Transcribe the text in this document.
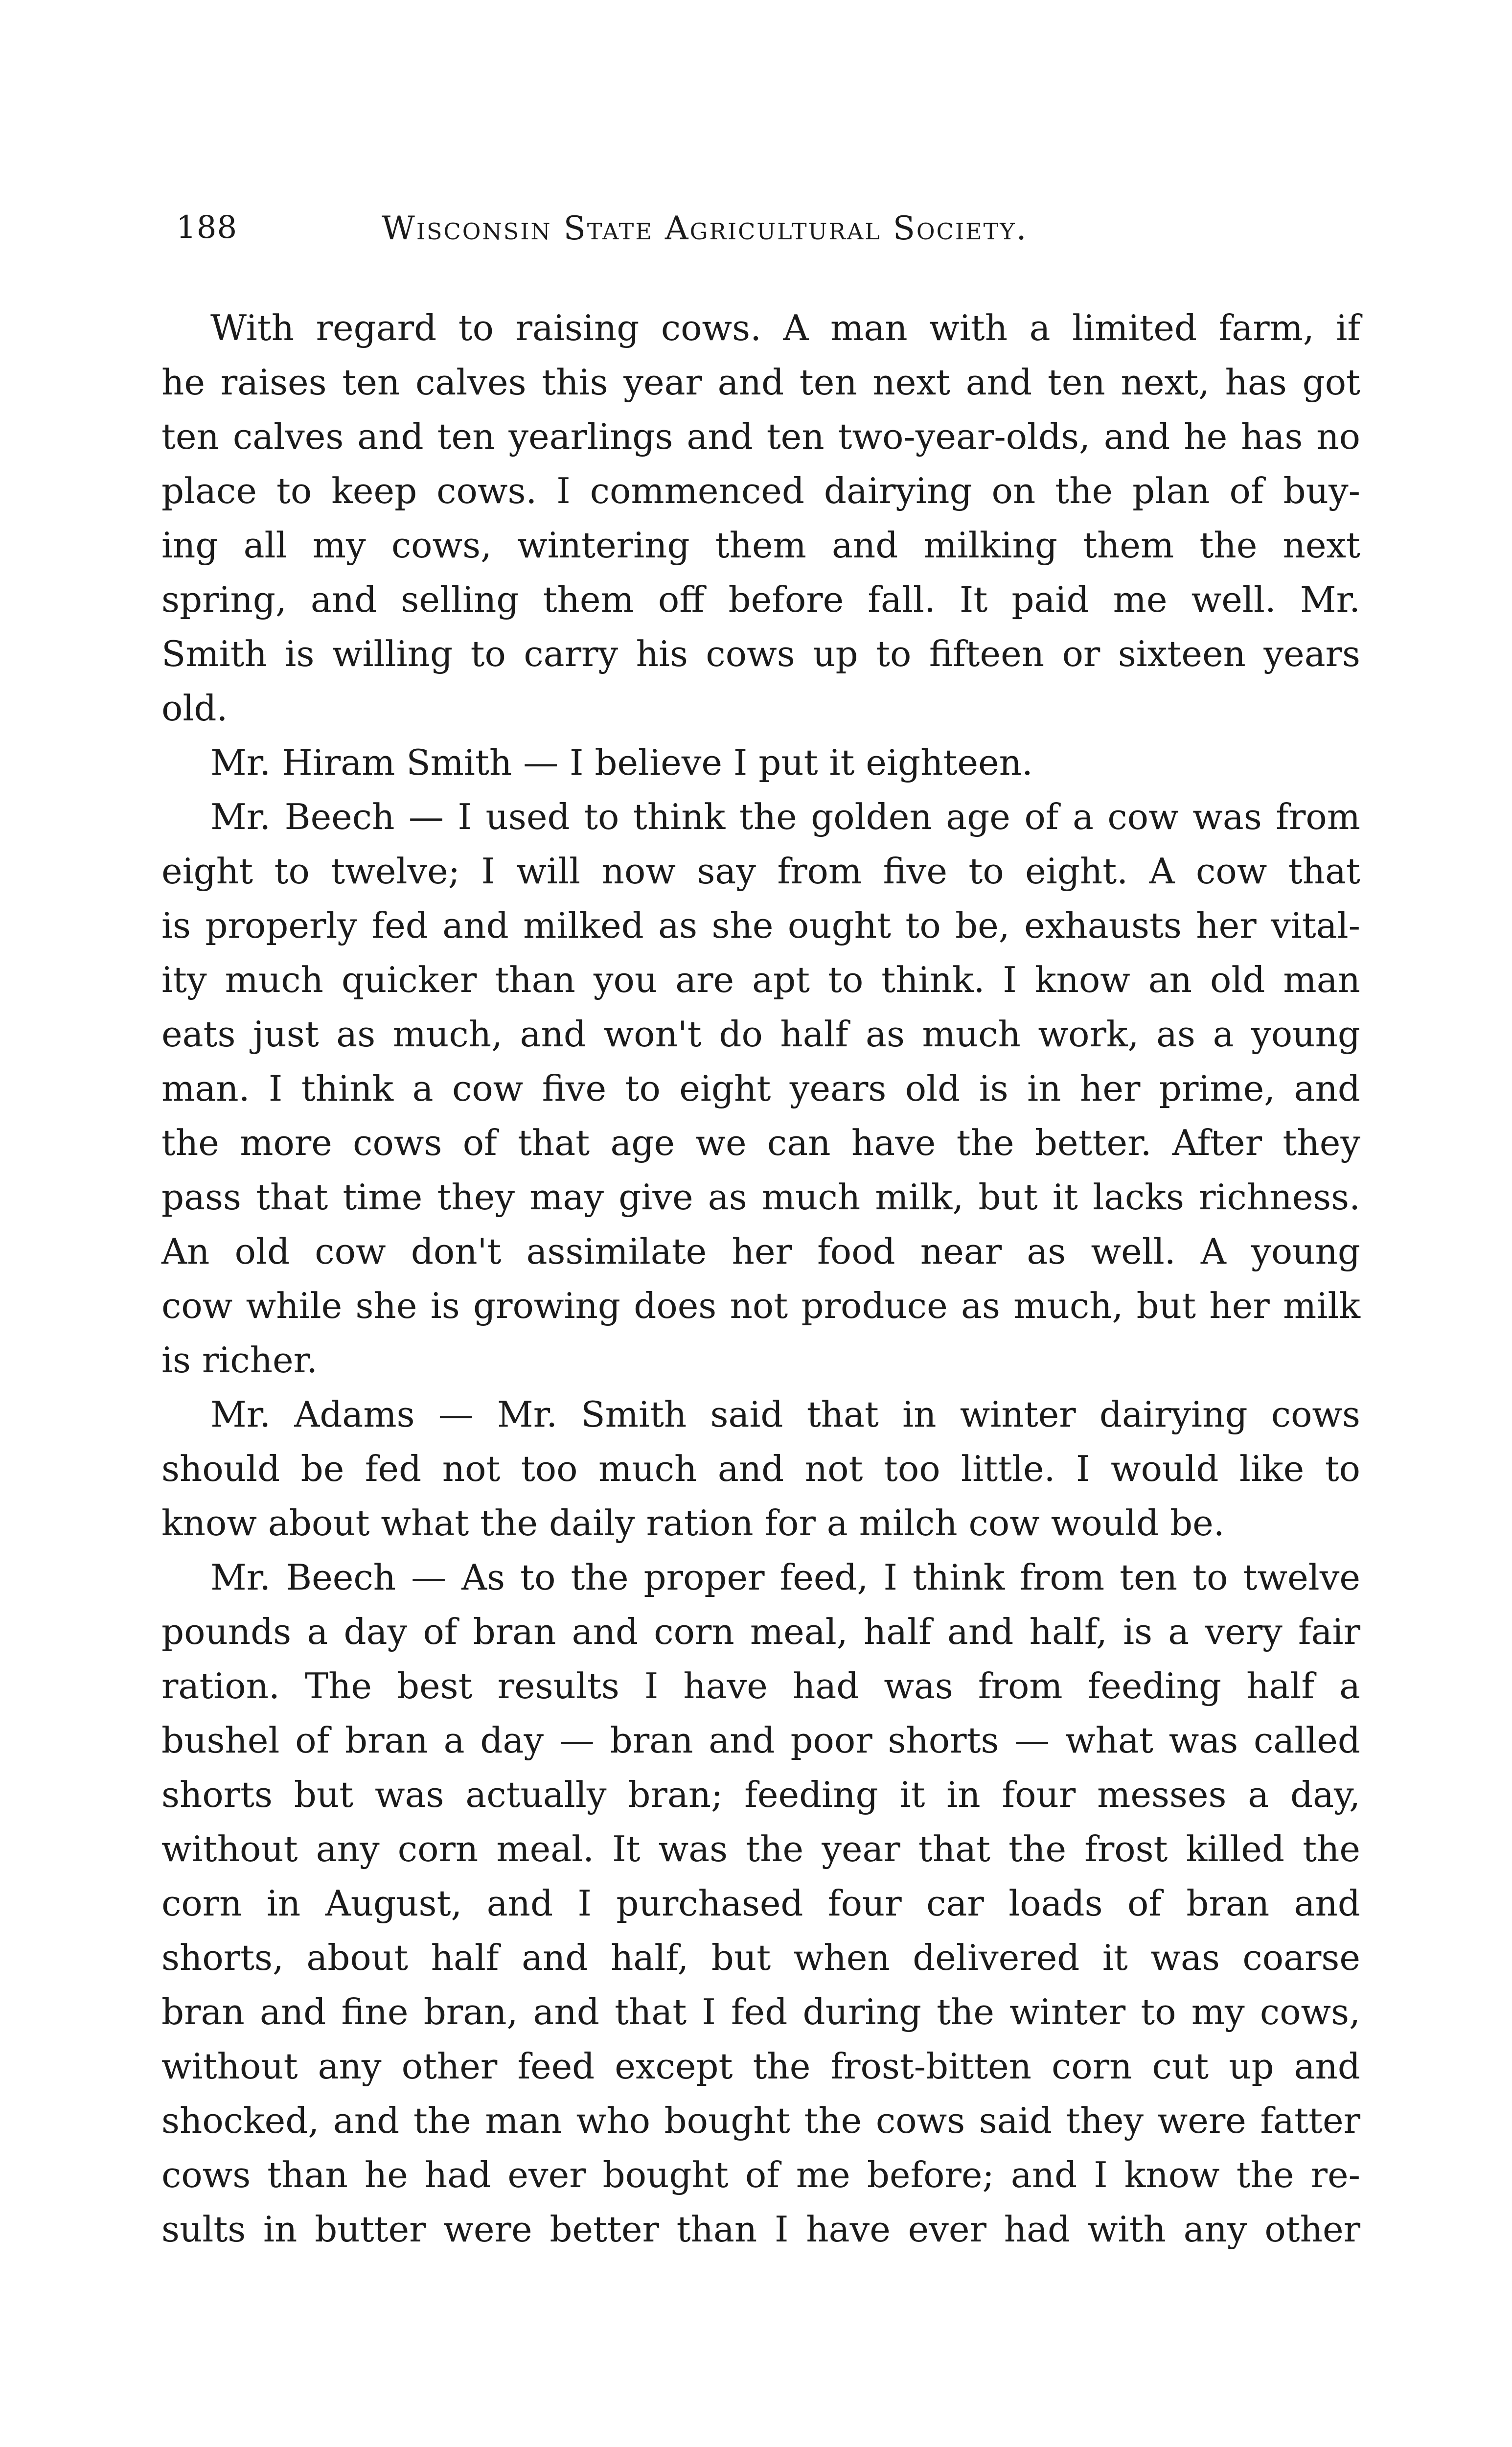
188	Wisconsin State Agricultural Society.
With regard to raising cows. A man with a limited farm, if
he raises ten calves this year and ten next and ten next, has got
ten calves and ten yearlings and ten two-year-olds, and he has no
place to keep cows. I commenced dairying on the plan of buy-
ing all my cows, wintering them and milking them the next
spring, and selling them off before fall. It paid me well. Mr.
Smith is willing to carry his cows up to fifteen or sixteen years
old.
Mr. Hiram Smith — I believe I put it eighteen.
Mr. Beech — I used to think the golden age of a cow was from
eight to twelve; I will now say from five to eight. A cow that
is properly fed and milked as she ought to be, exhausts her vital-
ity much quicker than you are apt to think. I know an old man
eats just as much, and won't do half as much work, as a young
man. I think a cow five to eight years old is in her prime, and
the more cows of that age we can have the better. After they
pass that time they may give as much milk, but it lacks richness.
An old cow don't assimilate her food near as well. A young
cow while she is growing does not produce as much, but her milk
is richer.
Mr. Adams — Mr. Smith said that in winter dairying cows
should be fed not too much and not too little. I would like to
know about what the daily ration for a milch cow would be.
Mr. Beech — As to the proper feed, I think from ten to twelve
pounds a day of bran and corn meal, half and half, is a very fair
ration. The best results I have had was from feeding half a
bushel of bran a day — bran and poor shorts — what was called
shorts but was actually bran; feeding it in four messes a day,
without any corn meal. It was the year that the frost killed the
corn in August, and I purchased four car loads of bran and
shorts, about half and half, but when delivered it was coarse
bran and fine bran, and that I fed during the winter to my cows,
without any other feed except the frost-bitten corn cut up and
shocked, and the man who bought the cows said they were fatter
cows than he had ever bought of me before; and I know the re-
sults in butter were better than I have ever had with any other
